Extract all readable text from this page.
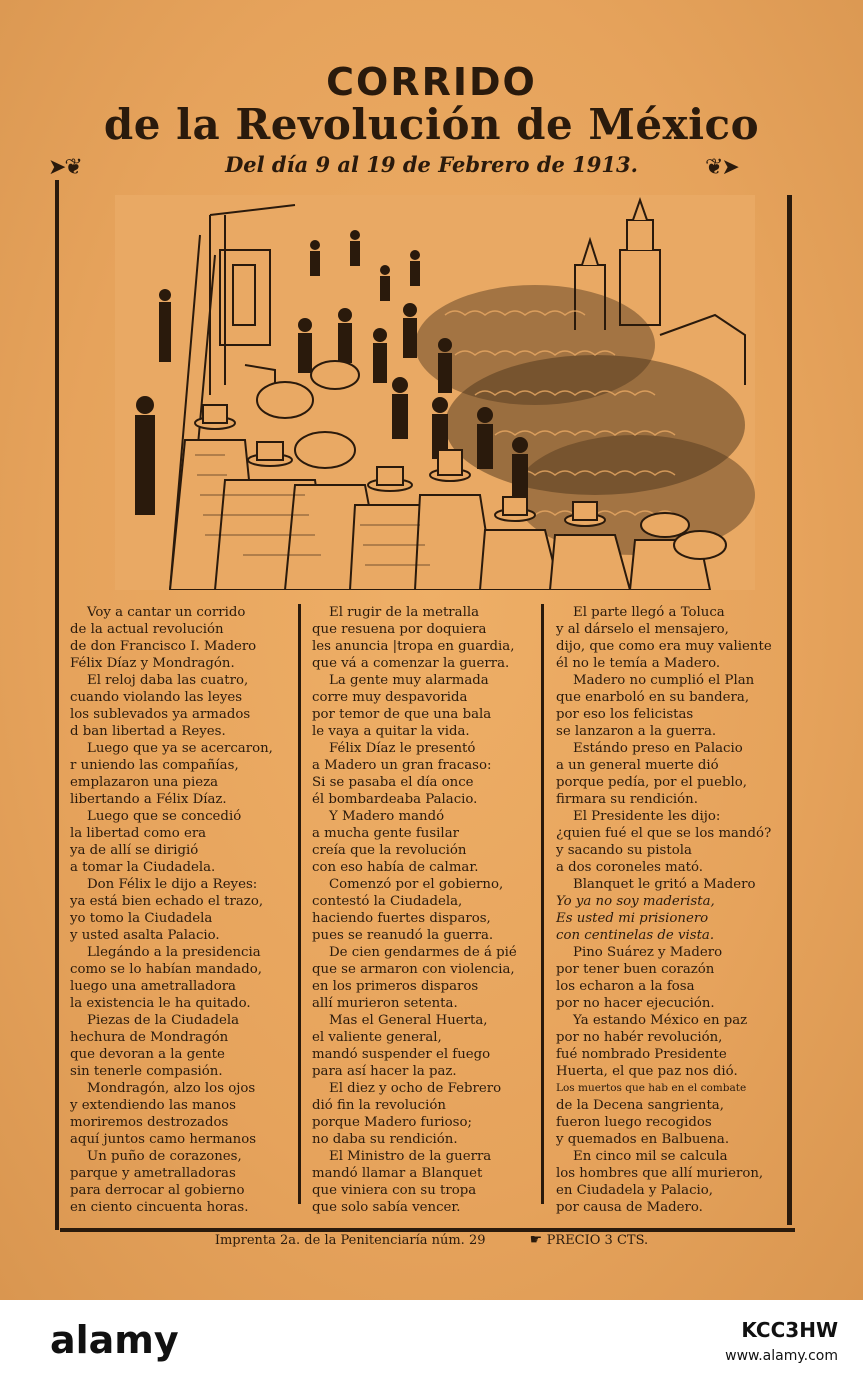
CORRIDO
de la Revolución de México
➤❦	Del día 9 al 19 de Febrero de 1913.	❦➤
Voy a cantar un corrido
de la actual revolución
de don Francisco I. Madero
Félix Díaz y Mondragón.
El reloj daba las cuatro,
cuando violando las leyes
los sublevados ya armados
d ban libertad a Reyes.
Luego que ya se acercaron,
r uniendo las compañías,
emplazaron una pieza
libertando a Félix Díaz.
Luego que se concedió
la libertad como era
ya de allí se dirigió
a tomar la Ciudadela.
Don Félix le dijo a Reyes:
ya está bien echado el trazo,
yo tomo la Ciudadela
y usted asalta Palacio.
Llegándo a la presidencia
como se lo habían mandado,
luego una ametralladora
la existencia le ha quitado.
Piezas de la Ciudadela
hechura de Mondragón
que devoran a la gente
sin tenerle compasión.
Mondragón, alzo los ojos
y extendiendo las manos
moriremos destrozados
aquí juntos camo hermanos
Un puño de corazones,
parque y ametralladoras
para derrocar al gobierno
en ciento cincuenta horas.
El rugir de la metralla
que resuena por doquiera
les anuncia |tropa en guardia,
que vá a comenzar la guerra.
La gente muy alarmada
corre muy despavorida
por temor de que una bala
le vaya a quitar la vida.
Félix Díaz le presentó
a Madero un gran fracaso:
Si se pasaba el día once
él bombardeaba Palacio.
Y Madero mandó
a mucha gente fusilar
creía que la revolución
con eso había de calmar.
Comenzó por el gobierno,
contestó la Ciudadela,
haciendo fuertes disparos,
pues se reanudó la guerra.
De cien gendarmes de á pié
que se armaron con violencia,
en los primeros disparos
allí murieron setenta.
Mas el General Huerta,
el valiente general,
mandó suspender el fuego
para así hacer la paz.
El diez y ocho de Febrero
dió fin la revolución
porque Madero furioso;
no daba su rendición.
El Ministro de la guerra
mandó llamar a Blanquet
que viniera con su tropa
que solo sabía vencer.
El parte llegó a Toluca
y al dárselo el mensajero,
dijo, que como era muy valiente
él no le temía a Madero.
Madero no cumplió el Plan
que enarboló en su bandera,
por eso los felicistas
se lanzaron a la guerra.
Estándo preso en Palacio
a un general muerte dió
porque pedía, por el pueblo,
firmara su rendición.
El Presidente les dijo:
¿quien fué el que se los mandó?
y sacando su pistola
a dos coroneles mató.
Blanquet le gritó a Madero
Yo ya no soy maderista,
Es usted mi prisionero
con centinelas de vista.
Pino Suárez y Madero
por tener buen corazón
los echaron a la fosa
por no hacer ejecución.
Ya estando México en paz
por no habér revolución,
fué nombrado Presidente
Huerta, el que paz nos dió.
Los muertos que hab en el combate
de la Decena sangrienta,
fueron luego recogidos
y quemados en Balbuena.
En cinco mil se calcula
los hombres que allí murieron,
en Ciudadela y Palacio,
por causa de Madero.
Imprenta 2a. de la Penitenciaría núm. 29	☛ PRECIO 3 CTS.
alamy	KCC3HW
www.alamy.com
